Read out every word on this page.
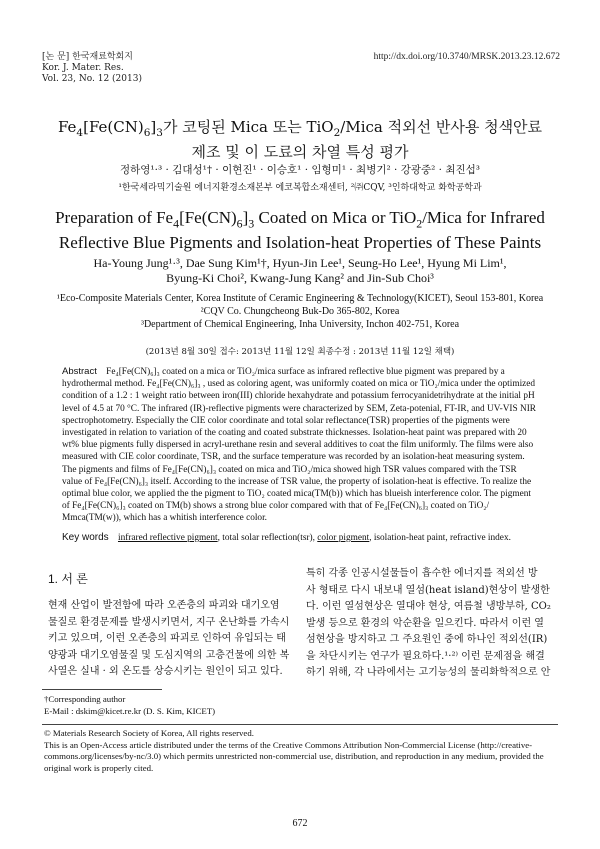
[논 문] 한국재료학회지
Kor. J. Mater. Res.
Vol. 23, No. 12 (2013)
http://dx.doi.org/10.3740/MRSK.2013.23.12.672
$Fe_4[Fe(CN)_6]_3$가 코팅된 Mica 또는 TiO$_2$/Mica 적외선 반사용 청색안료
제조 및 이 도료의 차열 특성 평가
정하영¹·³ · 김대성¹† · 이현진¹ · 이승호¹ · 임형미¹ · 최병기² · 강광중² · 최진섭³
¹한국세라믹기술원 에너지환경소재본부 에코복합소재센터, ²㈜CQV, ³인하대학교 화학공학과
Preparation of $Fe_4[Fe(CN)_6]_3$ Coated on Mica or TiO$_2$/Mica for Infrared
Reflective Blue Pigments and Isolation-heat Properties of These Paints
Ha-Young Jung¹·³, Dae Sung Kim¹†, Hyun-Jin Lee¹, Seung-Ho Lee¹, Hyung Mi Lim¹,
Byung-Ki Choi², Kwang-Jung Kang² and Jin-Sub Choi³
¹Eco-Composite Materials Center, Korea Institute of Ceramic Engineering & Technology(KICET), Seoul 153-801, Korea
²CQV Co. Chungcheong Buk-Do 365-802, Korea
³Department of Chemical Engineering, Inha University, Inchon 402-751, Korea
(2013년 8월 30일 접수: 2013년 11월 12일 최종수정 : 2013년 11월 12일 채택)
Abstract Fe₄[Fe(CN)₆]₃ coated on a mica or TiO₂/mica surface as infrared reflective blue pigment was prepared by a
hydrothermal method. Fe₄[Fe(CN)₆]₃ , used as coloring agent, was uniformly coated on mica or TiO₂/mica under the optimized
condition of a 1.2 : 1 weight ratio between iron(III) chloride hexahydrate and potassium ferrocyanidetrihydrate at the initial pH
level of 4.5 at 70 °C. The infrared (IR)-reflective pigments were characterized by SEM, Zeta-potenial, FT-IR, and UV-VIS NIR
spectrophotometry. Especially the CIE color coordinate and total solar reflectance(TSR) properties of the pigments were
investigated in relation to variation of the coating and coated substrate thicknesses. Isolation-heat paint was prepared with 20
wt% blue pigments fully dispersed in acryl-urethane resin and several additives to coat the film uniformly. The films were also
measured with CIE color coordinate, TSR, and the surface temperature was recorded by an isolation-heat measuring system.
The pigments and films of Fe₄[Fe(CN)₆]₃ coated on mica and TiO₂/mica showed high TSR values compared with the TSR
value of Fe₄[Fe(CN)₆]₃ itself. According to the increase of TSR value, the property of isolation-heat is effective. To realize the
optimal blue color, we applied the the pigment to TiO₂ coated mica(TM(b)) which has blueish interference color. The pigment
of Fe₄[Fe(CN)₆]₃ coated on TM(b) shows a strong blue color compared with that of Fe₄[Fe(CN)₆]₃ coated on TiO₂/
Mmca(TM(w)), which has a whitish interference color.
Key words infrared reflective pigment, total solar reflection(tsr), color pigment, isolation-heat paint, refractive index.
1. 서 론
현재 산업이 발전함에 따라 오존층의 파괴와 대기오염
물질로 환경문제를 발생시키면서, 지구 온난화를 가속시
키고 있으며, 이런 오존층의 파괴로 인하여 유입되는 태
양광과 대기오염물질 및 도심지역의 고층건물에 의한 복
사열은 실내 · 외 온도를 상승시키는 원인이 되고 있다.
특히 각종 인공시설물들이 흡수한 에너지를 적외선 방
사 형태로 다시 내보내 열섬(heat island)현상이 발생한
다. 이런 열섬현상은 열대야 현상, 여름철 냉방부하, CO₂
발생 등으로 환경의 악순환을 일으킨다. 따라서 이런 열
섬현상을 방지하고 그 주요원인 중에 하나인 적외선(IR)
을 차단시키는 연구가 필요하다.¹·²⁾ 이런 문제점을 해결
하기 위해, 각 나라에서는 고기능성의 물리화학적으로 안
†Corresponding author
E-Mail : dskim@kicet.re.kr (D. S. Kim, KICET)
© Materials Research Society of Korea, All rights reserved.
This is an Open-Access article distributed under the terms of the Creative Commons Attribution Non-Commercial License (http://creative-
commons.org/licenses/by-nc/3.0) which permits unrestricted non-commercial use, distribution, and reproduction in any medium, provided the
original work is properly cited.
672
